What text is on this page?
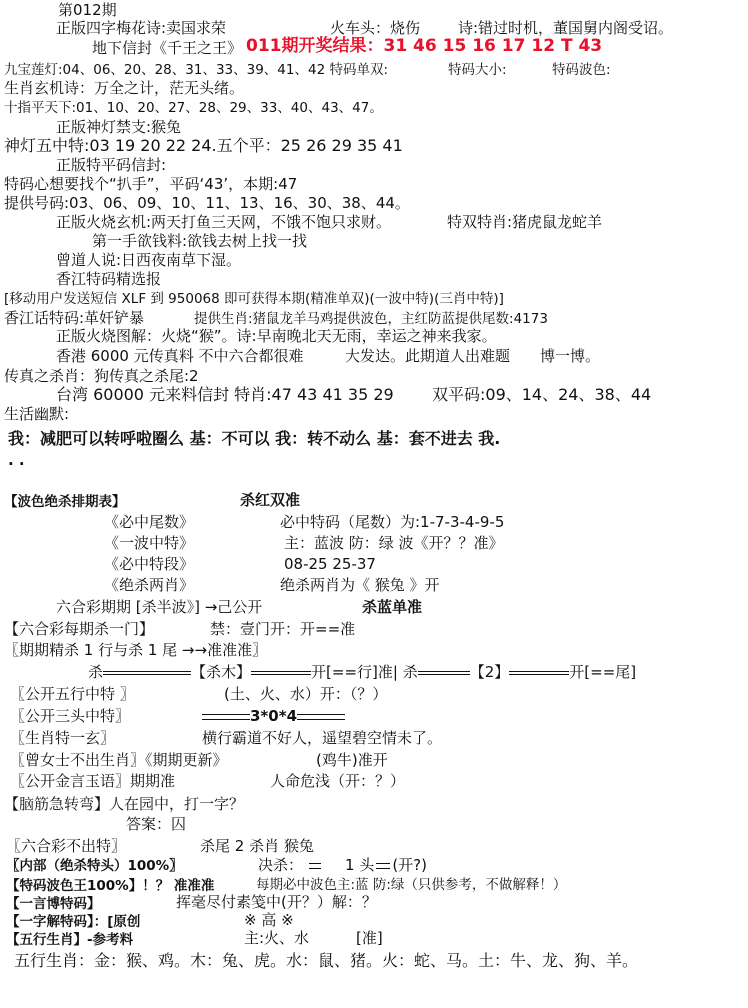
第012期
正版四字梅花诗:卖国求荣	火车头：烧伤	诗:错过时机，董国舅内阁受诏。
地下信封《千王之王》 011期开奖结果：31 46 15 16 17 12 T 43
九宝莲灯:04、06、20、28、31、33、39、41、42 特码单双:	特码大小:	特码波色:
生肖玄机诗：万全之计，茫无头绪。
十指平天下:01、10、20、27、28、29、33、40、43、47。
正版神灯禁支:猴兔
神灯五中特:03 19 20 22 24.五个平：25 26 29 35 41
正版特平码信封:
特码心想要找个“扒手”，平码‘43’，本期:47
提供号码:03、06、09、10、11、13、16、30、38、44。
正版火烧玄机:两天打鱼三天网，不饿不饱只求财。	特双特肖:猪虎鼠龙蛇羊
第一手欲钱料:欲钱去树上找一找
曾道人说:日西夜南草下湿。
香江特码精选报
[移动用户发送短信 XLF 到 950068 即可获得本期(精准单双)(一波中特)(三肖中特)]
香江话特码:革奸铲暴	提供生肖:猪鼠龙羊马鸡提供波色，主红防蓝提供尾数:4173
正版火烧图解：火烧“猴”。诗:早南晚北天无雨，幸运之神来我家。
香港 6000 元传真料 不中六合都很难	大发达。此期道人出难题 博一博。
传真之杀肖：狗传真之杀尾:2
台湾 60000 元来料信封 特肖:47 43 41 35 29 双平码:09、14、24、38、44
生活幽默:
我：减肥可以转呼啦圈么 基：不可以 我：转不动么 基：套不进去 我.
. .
【波色绝杀排期表】	杀红双准
《必中尾数》	必中特码（尾数）为:1-7-3-4-9-5
《一波中特》	主：蓝波 防：绿 波《开？？准》
《必中特段》	08-25 25-37
《绝杀两肖》	绝杀两肖为《 猴兔 》开
六合彩期期 [杀半波》] →己公开	杀蓝单准
【六合彩每期杀一门】	禁：壹门开：开==准
〖期期精杀 1 行与杀 1 尾 →→准准准〗
杀	【杀木】	开[==行]准| 杀	【2】	开[==尾]
〖公开五行中特 〗	(土、火、水）开：（？）
〖公开三头中特〗	3*0*4
〖生肖特一玄〗	横行霸道不好人，遥望碧空情未了。
〖曾女士不出生肖〗《期期更新》	(鸡牛)准开
〖公开金言玉语〗期期准	人命危浅（开：？）
【脑筋急转弯】人在园中，打一字？
答案：囚
〖六合彩不出特〗	杀尾 2 杀肖 猴兔
〖内部（绝杀特头）100%〗	决杀：	1 头 (开?)
【特码波色王100%】！？ 准准准	每期必中波色主:蓝 防:绿（只供参考，不做解释！）
【一言博特码】	挥毫尽付素笺中(开？）解：？
【一字解特码】：[原创	※ 高 ※
【五行生肖】-参考料	主:火、水	[准]
五行生肖：金：猴、鸡。木：兔、虎。水：鼠、猪。火：蛇、马。土：牛、龙、狗、羊。
